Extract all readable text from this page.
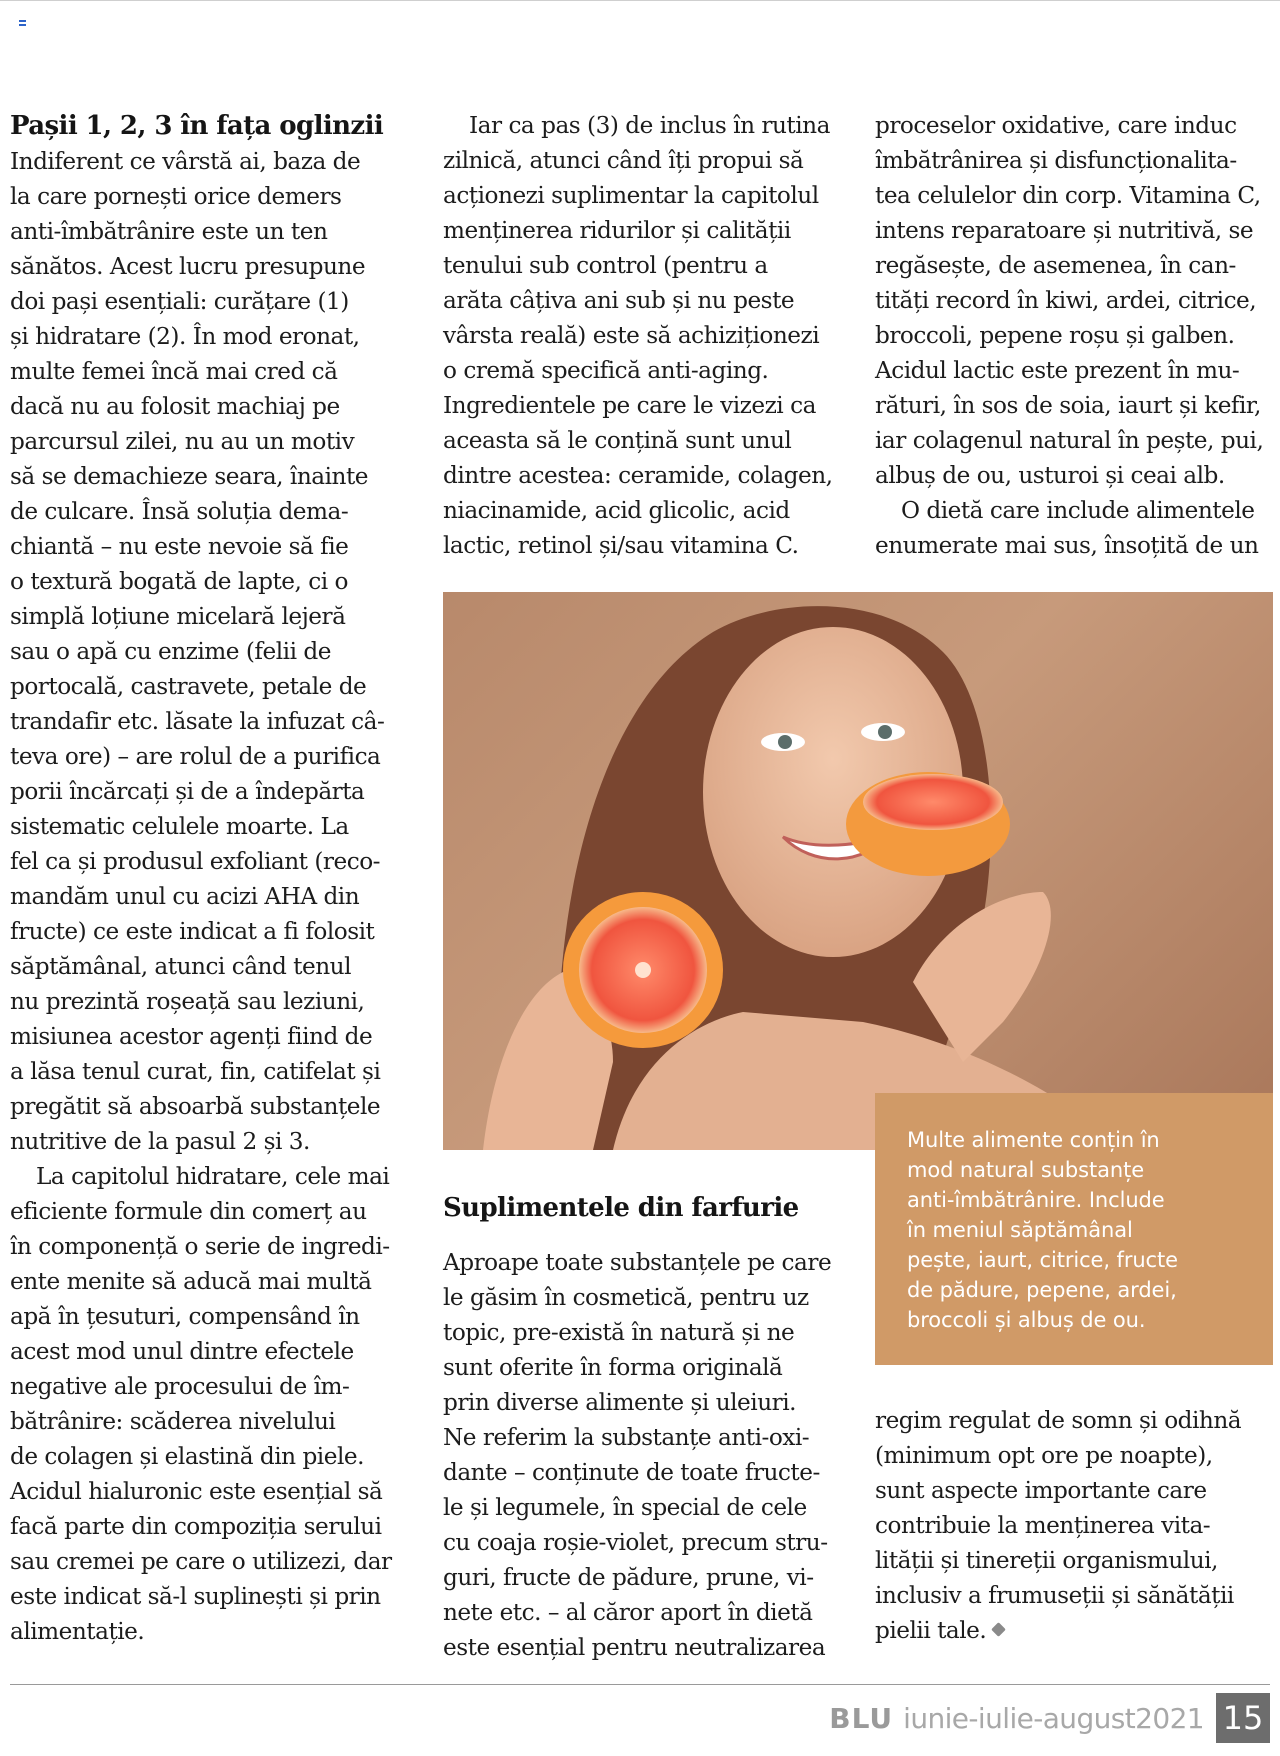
Pașii 1, 2, 3 în fața oglinzii

Indiferent ce vârstă ai, baza de
la care pornești orice demers
anti-îmbătrânire este un ten
sănătos. Acest lucru presupune
doi pași esențiali: curățare (1)
și hidratare (2). În mod eronat,
multe femei încă mai cred că
dacă nu au folosit machiaj pe
parcursul zilei, nu au un motiv
să se demachieze seara, înainte
de culcare. Însă soluția dema-
chiantă – nu este nevoie să fie
o textură bogată de lapte, ci o
simplă loțiune micelară lejeră
sau o apă cu enzime (felii de
portocală, castravete, petale de
trandafir etc. lăsate la infuzat câ-
teva ore) – are rolul de a purifica
porii încărcați și de a îndepărta
sistematic celulele moarte. La
fel ca și produsul exfoliant (reco-
mandăm unul cu acizi AHA din
fructe) ce este indicat a fi folosit
săptămânal, atunci când tenul
nu prezintă roșeață sau leziuni,
misiunea acestor agenți fiind de
a lăsa tenul curat, fin, catifelat și
pregătit să absoarbă substanțele
nutritive de la pasul 2 și 3.

La capitolul hidratare, cele mai
eficiente formule din comerț au
în componență o serie de ingredi-
ente menite să aducă mai multă
apă în țesuturi, compensând în
acest mod unul dintre efectele
negative ale procesului de îm-
bătrânire: scăderea nivelului
de colagen și elastină din piele.
Acidul hialuronic este esențial să
facă parte din compoziția serului
sau cremei pe care o utilizezi, dar
este indicat să-l suplinești și prin
alimentație.

Iar ca pas (3) de inclus în rutina
zilnică, atunci când îți propui să
acționezi suplimentar la capitolul
menținerea ridurilor și calității
tenului sub control (pentru a
arăta câțiva ani sub și nu peste
vârsta reală) este să achiziționezi
o cremă specifică anti-aging.
Ingredientele pe care le vizezi ca
aceasta să le conțină sunt unul
dintre acestea: ceramide, colagen,
niacinamide, acid glicolic, acid
lactic, retinol și/sau vitamina C.

proceselor oxidative, care induc
îmbătrânirea și disfuncționalita-
tea celulelor din corp. Vitamina C,
intens reparatoare și nutritivă, se
regăsește, de asemenea, în can-
tități record în kiwi, ardei, citrice,
broccoli, pepene roșu și galben.
Acidul lactic este prezent în mu-
rături, în sos de soia, iaurt și kefir,
iar colagenul natural în pește, pui,
albuș de ou, usturoi și ceai alb.

O dietă care include alimentele
enumerate mai sus, însoțită de un

Multe alimente conțin în
mod natural substanțe
anti-îmbătrânire. Include
în meniul săptămânal
pește, iaurt, citrice, fructe
de pădure, pepene, ardei,
broccoli și albuș de ou.
Suplimentele din farfurie

Aproape toate substanțele pe care
le găsim în cosmetică, pentru uz
topic, pre-există în natură și ne
sunt oferite în forma originală
prin diverse alimente și uleiuri.
Ne referim la substanțe anti-oxi-
dante – conținute de toate fructe-
le și legumele, în special de cele
cu coaja roșie-violet, precum stru-
guri, fructe de pădure, prune, vi-
nete etc. – al căror aport în dietă
este esențial pentru neutralizarea

regim regulat de somn și odihnă
(minimum opt ore pe noapte),
sunt aspecte importante care
contribuie la menținerea vita-
lității și tinereții organismului,
inclusiv a frumuseții și sănătății
pielii tale.

BLU iunie-iulie-august2021 15
